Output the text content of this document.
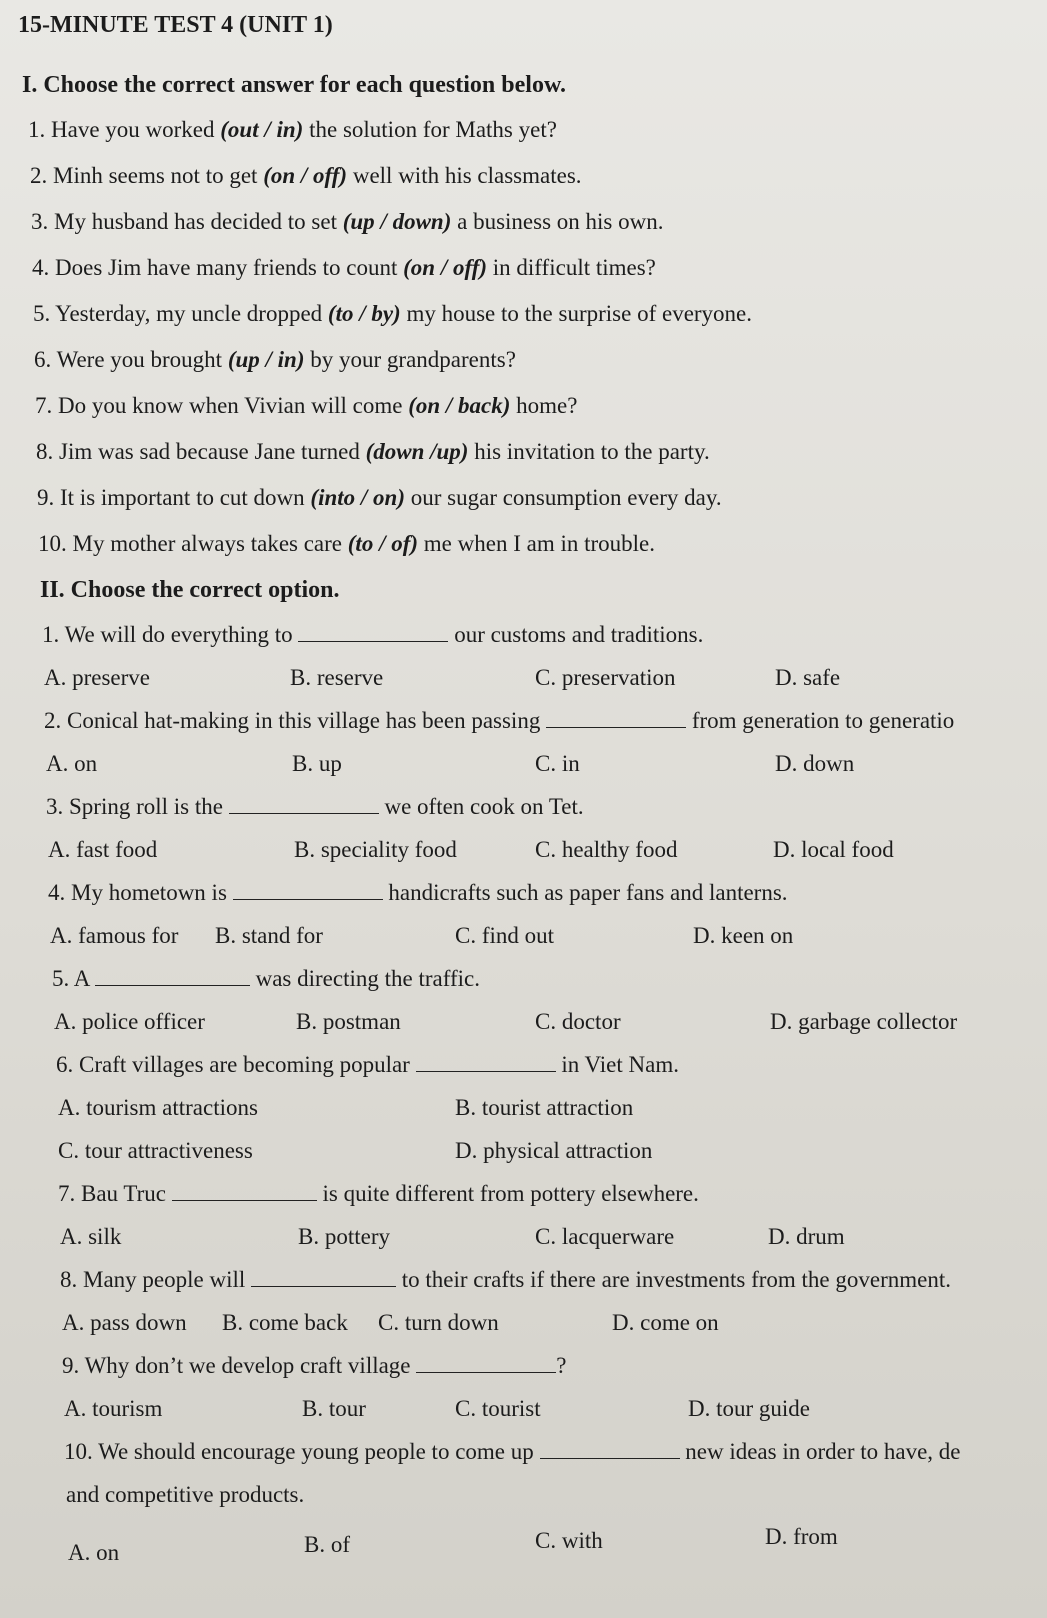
15-MINUTE TEST 4 (UNIT 1)
I. Choose the correct answer for each question below.
1. Have you worked (out / in) the solution for Maths yet?
2. Minh seems not to get (on / off) well with his classmates.
3. My husband has decided to set (up / down) a business on his own.
4. Does Jim have many friends to count (on / off) in difficult times?
5. Yesterday, my uncle dropped (to / by) my house to the surprise of everyone.
6. Were you brought (up / in) by your grandparents?
7. Do you know when Vivian will come (on / back) home?
8. Jim was sad because Jane turned (down /up) his invitation to the party.
9. It is important to cut down (into / on) our sugar consumption every day.
10. My mother always takes care (to / of) me when I am in trouble.
II. Choose the correct option.
1. We will do everything to	our customs and traditions.
A. preserve	B. reserve	C. preservation	D. safe
2. Conical hat-making in this village has been passing	from generation to generatio
A. on	B. up	C. in	D. down
3. Spring roll is the	we often cook on Tet.
A. fast food	B. speciality food	C. healthy food	D. local food
4. My hometown is	handicrafts such as paper fans and lanterns.
A. famous for B. stand for	C. find out	D. keen on
5. A	was directing the traffic.
A. police officer	B. postman	C. doctor	D. garbage collector
6. Craft villages are becoming popular	in Viet Nam.
A. tourism attractions	B. tourist attraction
C. tour attractiveness	D. physical attraction
7. Bau Truc	is quite different from pottery elsewhere.
A. silk	B. pottery	C. lacquerware	D. drum
8. Many people will	to their crafts if there are investments from the government.
A. pass down B. come back C. turn down	D. come on
9. Why don’t we develop craft village	?
A. tourism	B. tour	C. tourist	D. tour guide
10. We should encourage young people to come up	new ideas in order to have, de
and competitive products.
A. on	B. of	C. with	D. from
